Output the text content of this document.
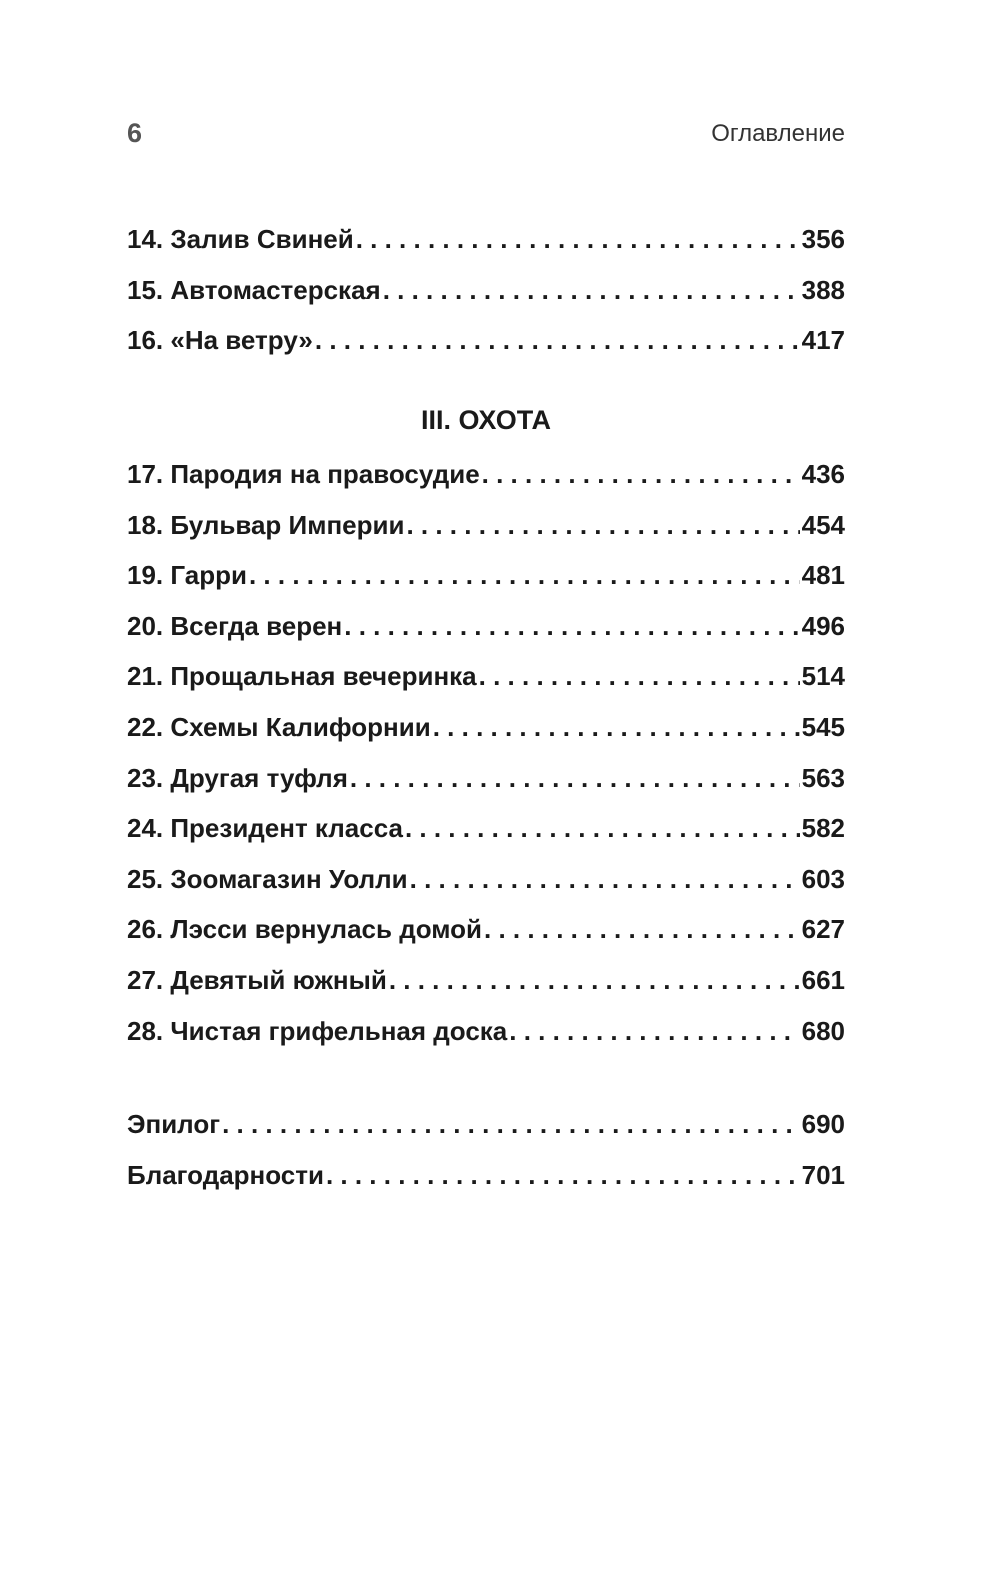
6	Оглавление
14. Залив Свиней . . .	356
15. Автомастерская . . .	388
16. «На ветру» . . .	417
III. ОХОТА
17. Пародия на правосудие . . .	436
18. Бульвар Империи . . .	454
19. Гарри . . .	481
20. Всегда верен . . .	496
21. Прощальная вечеринка . . .	514
22. Схемы Калифорнии . . .	545
23. Другая туфля . . .	563
24. Президент класса . . .	582
25. Зоомагазин Уолли . . .	603
26. Лэсси вернулась домой . . .	627
27. Девятый южный . . .	661
28. Чистая грифельная доска . . .	680
Эпилог . . .	690
Благодарности . . .	701
